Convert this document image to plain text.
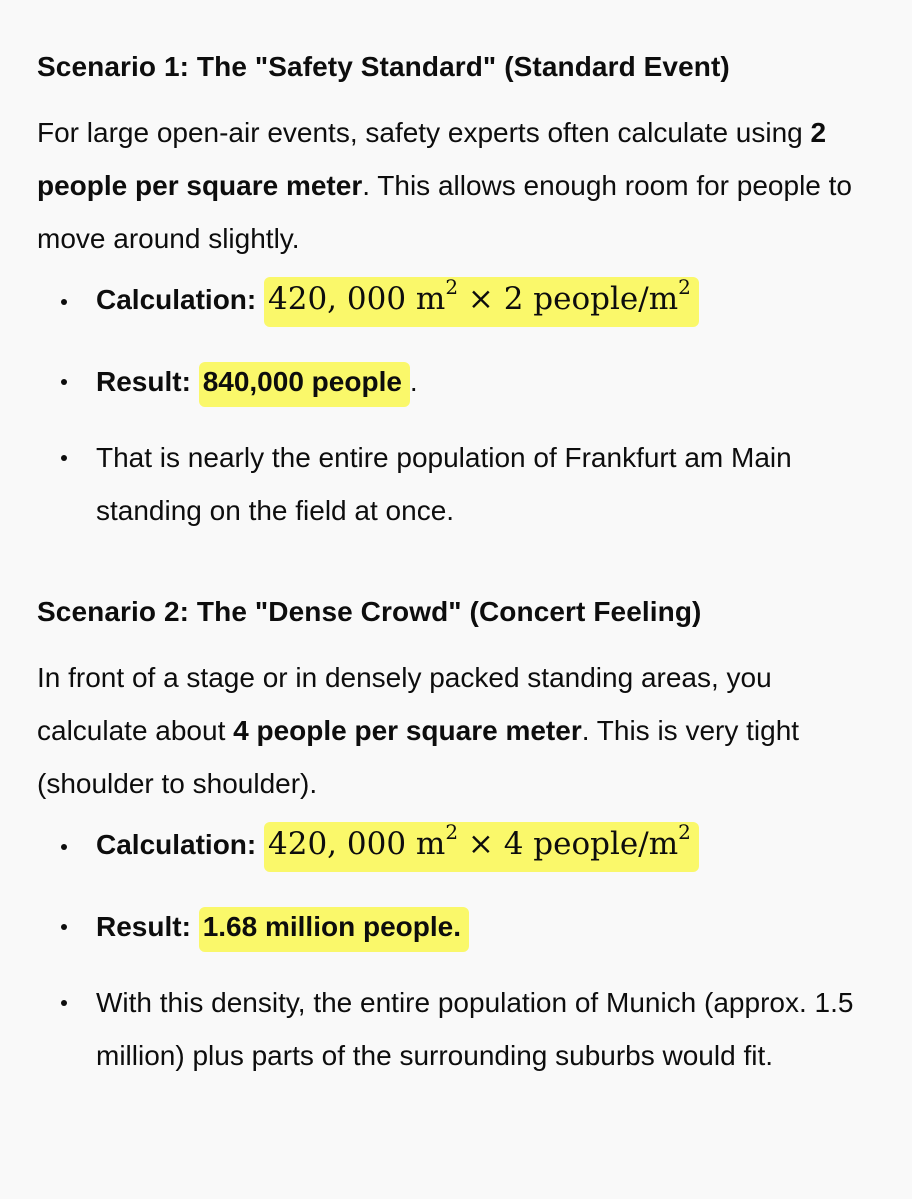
Scenario 1: The "Safety Standard" (Standard Event)

For large open-air events, safety experts often calculate using 2 people per square meter. This allows enough room for people to move around slightly.

Calculation: 420, 000 $m^2 \times 2$ people/$m^2$
Result: 840,000 people .
That is nearly the entire population of Frankfurt am Main standing on the field at once.
Scenario 2: The "Dense Crowd" (Concert Feeling)

In front of a stage or in densely packed standing areas, you calculate about 4 people per square meter. This is very tight (shoulder to shoulder).

Calculation: 420, 000 $m^2 \times 4$ people/$m^2$
Result: 1.68 million people.
With this density, the entire population of Munich (approx. 1.5 million) plus parts of the surrounding suburbs would fit.
